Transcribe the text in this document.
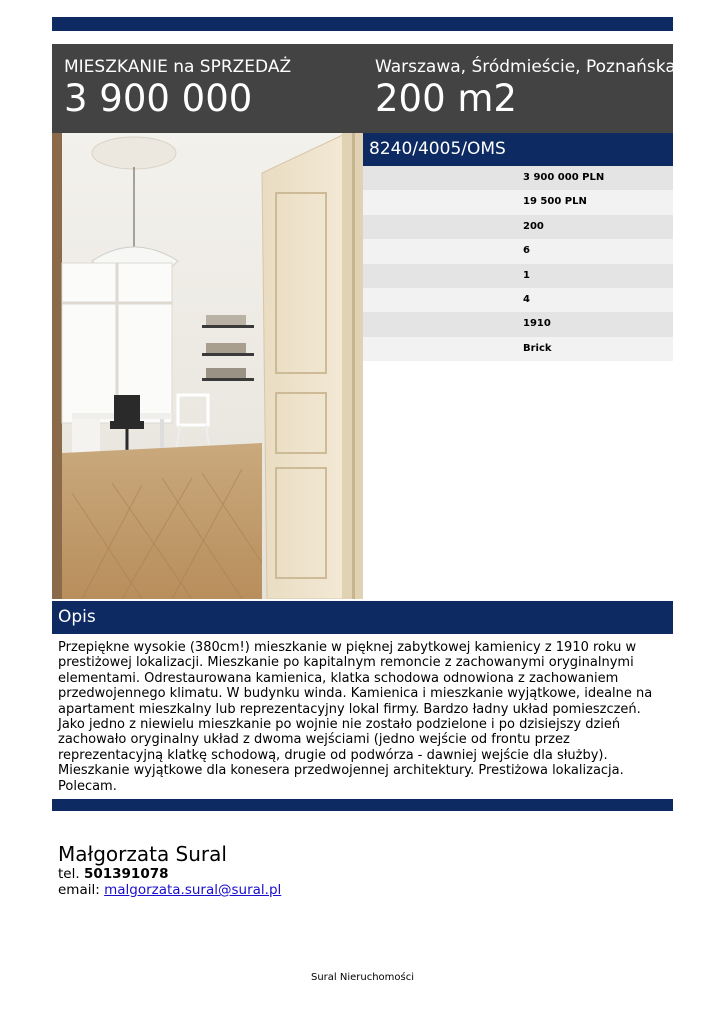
MIESZKANIE na SPRZEDAŻ
3 900 000
Warszawa, Śródmieście, Poznańska
200 m2
8240/4005/OMS
3 900 000 PLN
19 500 PLN
200
6
1
4
1910
Brick
Opis
Przepiękne wysokie (380cm!) mieszkanie w pięknej zabytkowej kamienicy z 1910 roku w prestiżowej lokalizacji. Mieszkanie po kapitalnym remoncie z zachowanymi oryginalnymi elementami. Odrestaurowana kamienica, klatka schodowa odnowiona z zachowaniem przedwojennego klimatu. W budynku winda. Kamienica i mieszkanie wyjątkowe, idealne na apartament mieszkalny lub reprezentacyjny lokal firmy. Bardzo ładny układ pomieszczeń. Jako jedno z niewielu mieszkanie po wojnie nie zostało podzielone i po dzisiejszy dzień zachowało oryginalny układ z dwoma wejściami (jedno wejście od frontu przez reprezentacyjną klatkę schodową, drugie od podwórza - dawniej wejście dla służby). Mieszkanie wyjątkowe dla konesera przedwojennej architektury. Prestiżowa lokalizacja. Polecam.
Małgorzata Sural
tel. 501391078
email: malgorzata.sural@sural.pl
Sural Nieruchomości
